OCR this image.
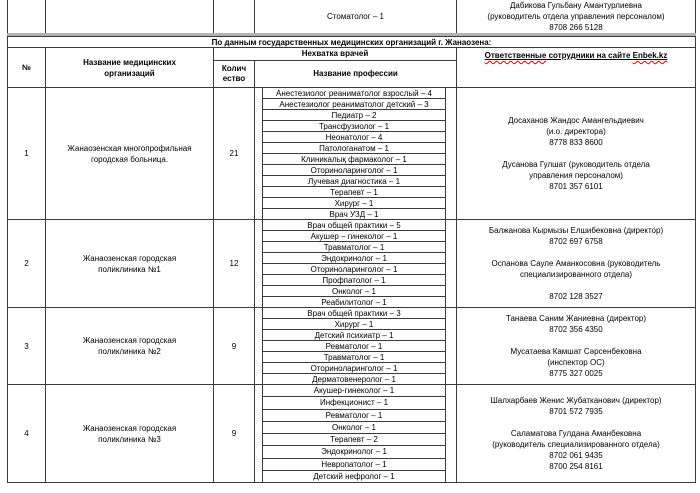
Стоматолог – 1
Дабикова Гульбану Амантурлиевна
(руководитель отдела управления персоналом)
8708 266 5128
По данным государственных медицинских организаций г. Жанаозена:
№
Название медицинских организаций
Нехватка врачей
Колич
ество
Название профессии
Ответственные сотрудники на сайте Enbek.kz
1
Жанаозенская многопрофильная городская больница.
21
Анестезиолог реаниматолог взрослый – 4
Анестезиолог реаниматолог детский – 3
Педиатр – 2
Трансфузиолог – 1
Неонатолог – 4
Патологанатом – 1
Клиникалық фармаколог – 1
Оториноларинголог – 1
Лучевая диагностика – 1
Терапевт – 1
Хирург – 1
Врач УЗД – 1
Досаханов Жандос Амангельдиевич
(и.о. директора)
8778 833 8600
Дусанова Гулшат (руководитель отдела
управления персоналом)
8701 357 6101
2
Жанаозенская городская поликлиника №1
12
Врач общей практики – 5
Акушер – гинеколог – 1
Травматолог – 1
Эндокринолог – 1
Оториноларинголог – 1
Профпатолог – 1
Онколог – 1
Реабилитолог – 1
Балжанова Кырмызы Елшибековна (директор)
8702 697 6758
Оспанова Сауле Аманкосовна (руководитель
специализированного отдела)
8702 128 3527
3
Жанаозенская городская поликлиника №2
9
Врач общей практики – 3
Хирург – 1
Детский психиатр – 1
Ревматолог – 1
Травматолог – 1
Оториноларинголог – 1
Дерматовенеролог – 1
Танаева Саним Жаниевна (директор)
8702 356 4350
Мусатаева Камшат Сәрсенбековна
(инспектор ОС)
8775 327 0025
4
Жанаозенская городская поликлиника №3
9
Акушер-гинеколог – 1
Инфекционист – 1
Ревматолог – 1
Онколог – 1
Терапевт – 2
Эндокринолог – 1
Невропатолог – 1
Детский нефролог – 1
Шалхарбаев Женис Жубатканович (директор)
8701 572 7935
Саламатова Гулдана Аманбековна
(руководитель специализированного отдела)
8702 061 9435
8700 254 8161
